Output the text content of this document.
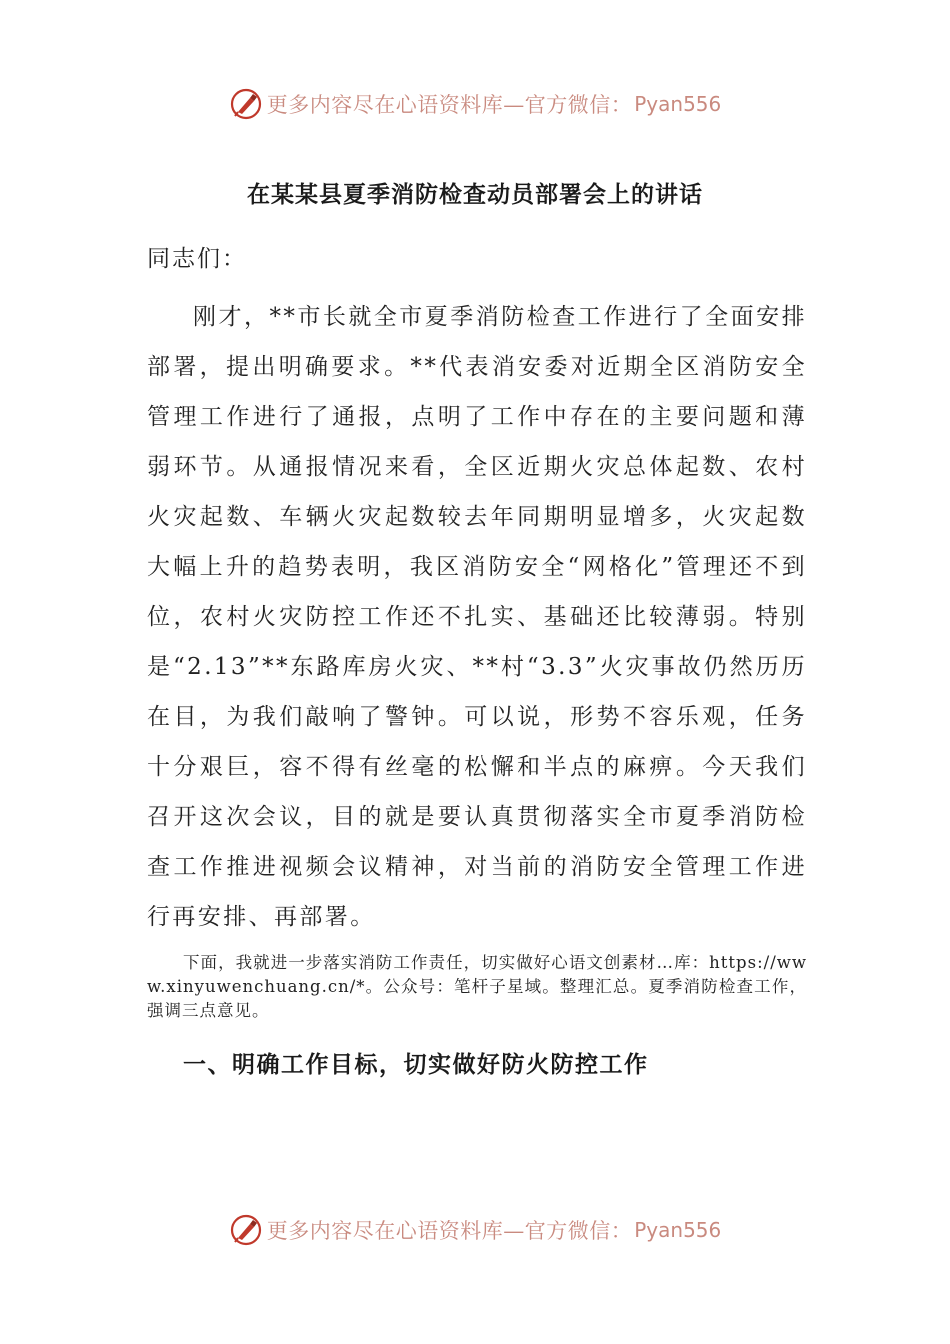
更多内容尽在心语资料库—官方微信： Pyan556
在某某县夏季消防检查动员部署会上的讲话
同志们：

刚才，**市长就全市夏季消防检查工作进行了全面安排部署，提出明确要求。**代表消安委对近期全区消防安全管理工作进行了通报，点明了工作中存在的主要问题和薄弱环节。从通报情况来看，全区近期火灾总体起数、农村火灾起数、车辆火灾起数较去年同期明显增多，火灾起数大幅上升的趋势表明，我区消防安全“网格化”管理还不到位，农村火灾防控工作还不扎实、基础还比较薄弱。特别是“2.13”**东路库房火灾、**村“3.3”火灾事故仍然历历在目，为我们敲响了警钟。可以说，形势不容乐观，任务十分艰巨，容不得有丝毫的松懈和半点的麻痹。今天我们召开这次会议，目的就是要认真贯彻落实全市夏季消防检查工作推进视频会议精神，对当前的消防安全管理工作进行再安排、再部署。

下面，我就进一步落实消防工作责任，切实做好心语文创素材…库：https://www.xinyuwenchuang.cn/*。公众号：笔杆子星域。整理汇总。夏季消防检查工作，强调三点意见。

一、明确工作目标，切实做好防火防控工作
更多内容尽在心语资料库—官方微信： Pyan556
